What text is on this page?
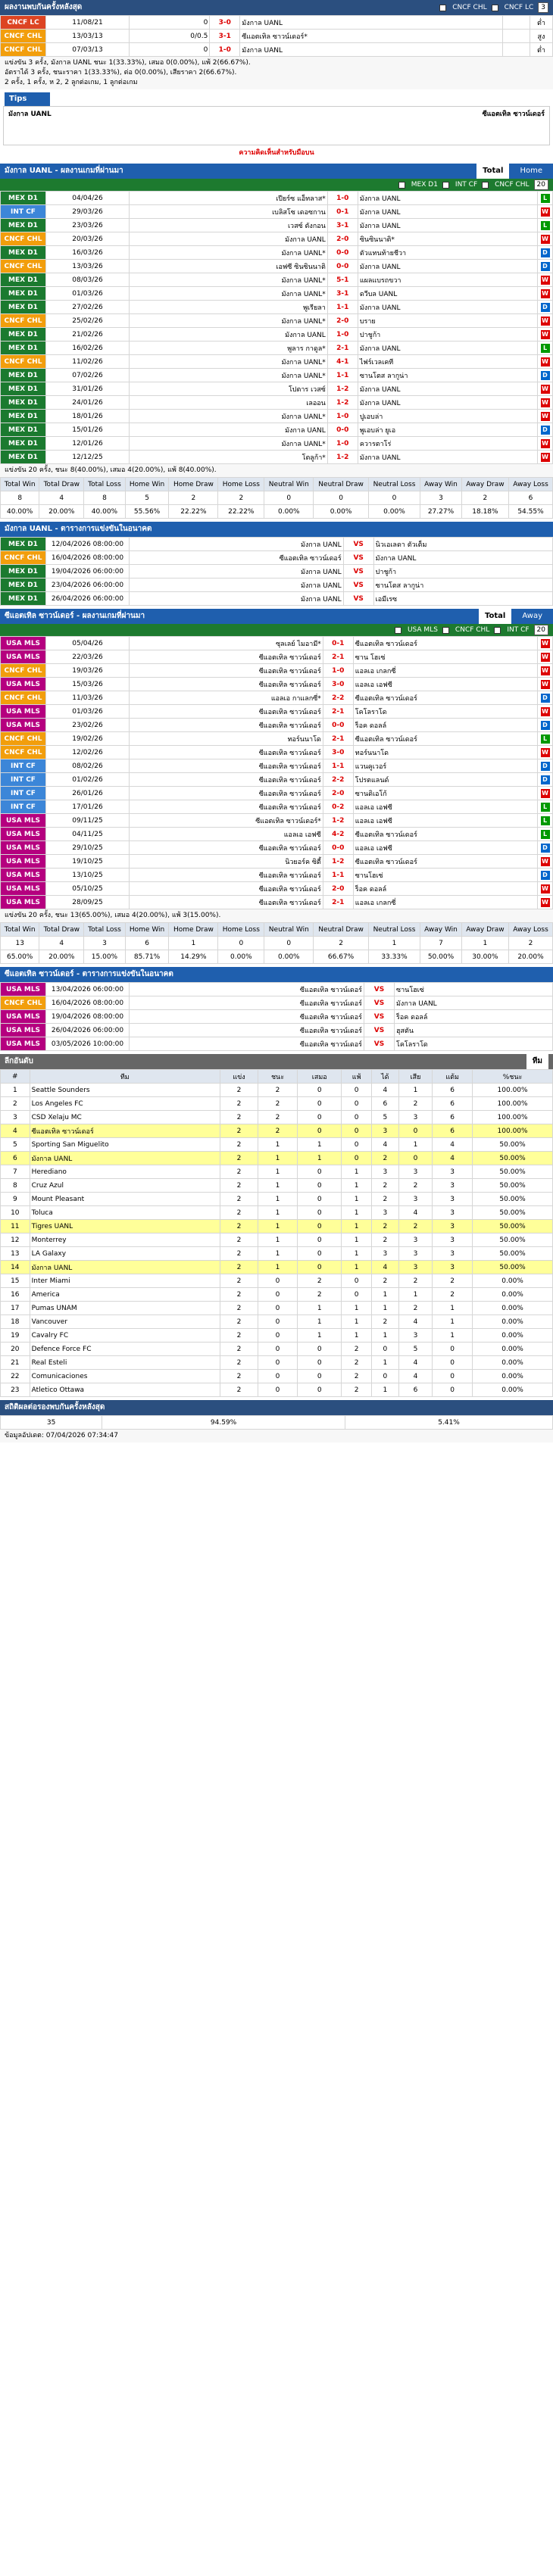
ผลงานพบกันครั้งหลังสุด	CNCF CHL	CNCF LC	3
CNCF LC	11/08/21	0	3-0	มังกาล UANL		ต่ำ
CNCF CHL	13/03/13	0/0.5	3-1	ซีแอตเทิล ซาวน์เดอร์*		สูง
CNCF CHL	07/03/13	0	1-0	มังกาล UANL		ต่ำ
แข่งขัน 3 ครั้ง, มังกาล UANL ชนะ 1(33.33%), เสมอ 0(0.00%), แพ้ 2(66.67%).
อัตราได้ 3 ครั้ง, ชนะราคา 1(33.33%), ต่อ 0(0.00%), เสียราคา 2(66.67%).
2 ครั้ง, 1 ครั้ง, ห 2, 2 ลูกต่อเกม, 1 ลูกต่อเกม
Tips
มังกาล UANL	ซีแอตเทิล ซาวน์เดอร์
ความคิดเห็นสำหรับมือบน
มังกาล UANL - ผลงานเกมที่ผ่านมา	Total	Home
MEX D1	INT CF	CNCF CHL	20
MEX D1	04/04/26	เปียร์ซ แอ็ทลาส*	1-0	มังกาล UANL	L
INT CF	29/03/26	เบลิสโซ เดอซกาน	0-1	มังกาล UANL	W
MEX D1	23/03/26	เวสซ์ ตังกอน	3-1	มังกาล UANL	L
CNCF CHL	20/03/26	มังกาล UANL	2-0	ซินซินนาติ*	W
MEX D1	16/03/26	มังกาล UANL*	0-0	ตัวแทนท้ายชีวา	D
CNCF CHL	13/03/26	เอฟซี ซินซินนาติ	0-0	มังกาล UANL	D
MEX D1	08/03/26	มังกาล UANL*	5-1	แผลแบรถขวา	W
MEX D1	01/03/26	มังกาล UANL*	3-1	ดวีบล UANL	W
MEX D1	27/02/26	พูเรียลา	1-1	มังกาล UANL	D
CNCF CHL	25/02/26	มังกาล UANL*	2-0	บราย	W
MEX D1	21/02/26	มังกาล UANL	1-0	ปาชูก้า	W
MEX D1	16/02/26	พูลาร กาดูล*	2-1	มังกาล UANL	L
CNCF CHL	11/02/26	มังกาล UANL*	4-1	ไฟร์เวลเคที	W
MEX D1	07/02/26	มังกาล UANL*	1-1	ซานโตส ลากูน่า	D
MEX D1	31/01/26	โปตาร เวสซ์	1-2	มังกาล UANL	W
MEX D1	24/01/26	เลออน	1-2	มังกาล UANL	W
MEX D1	18/01/26	มังกาล UANL*	1-0	ปูเอบล่า	W
MEX D1	15/01/26	มังกาล UANL	0-0	พูเอบล่า ยูเอ	D
MEX D1	12/01/26	มังกาล UANL*	1-0	ควารตาโร่	W
MEX D1	12/12/25	โตลูก้า*	1-2	มังกาล UANL	W
แข่งขัน 20 ครั้ง, ชนะ 8(40.00%), เสมอ 4(20.00%), แพ้ 8(40.00%).
Total Win	Total Draw	Total Loss	Home Win	Home Draw	Home Loss	Neutral Win	Neutral Draw	Neutral Loss	Away Win	Away Draw	Away Loss
8	4	8	5	2	2	0	0	0	3	2	6
40.00%	20.00%	40.00%	55.56%	22.22%	22.22%	0.00%	0.00%	0.00%	27.27%	18.18%	54.55%
มังกาล UANL - ตารางการแข่งขันในอนาคต
MEX D1	12/04/2026 08:00:00	มังกาล UANL	VS	นิวเอเลดา ตัวเต็ม
CNCF CHL	16/04/2026 08:00:00	ซีแอตเทิล ซาวน์เดอร์	VS	มังกาล UANL
MEX D1	19/04/2026 06:00:00	มังกาล UANL	VS	ปาชูก้า
MEX D1	23/04/2026 06:00:00	มังกาล UANL	VS	ซานโตส ลากูน่า
MEX D1	26/04/2026 06:00:00	มังกาล UANL	VS	เอมีเรซ
ซีแอตเทิล ซาวน์เดอร์ - ผลงานเกมที่ผ่านมา	Total	Away
USA MLS	CNCF CHL	INT CF	20
USA MLS	05/04/26	ซุลเลย์ ไมอามี*	0-1	ซีแอตเทิล ซาวน์เดอร์	W
USA MLS	22/03/26	ซีแอตเทิล ซาวน์เดอร์	2-1	ซาน โฮเซ่	W
CNCF CHL	19/03/26	ซีแอตเทิล ซาวน์เดอร์	1-0	แอลเอ เกลกซี่	W
USA MLS	15/03/26	ซีแอตเทิล ซาวน์เดอร์	3-0	แอลเอ เอฟซี	W
CNCF CHL	11/03/26	แอลเอ กาแลกซี่*	2-2	ซีแอตเทิล ซาวน์เดอร์	D
USA MLS	01/03/26	ซีแอตเทิล ซาวน์เดอร์	2-1	โคโลราโด	W
USA MLS	23/02/26	ซีแอตเทิล ซาวน์เดอร์	0-0	ร็อค ดอลล์	D
CNCF CHL	19/02/26	ทอร์นนาโด	2-1	ซีแอตเทิล ซาวน์เดอร์	L
CNCF CHL	12/02/26	ซีแอตเทิล ซาวน์เดอร์	3-0	ทอร์นนาโด	W
INT CF	08/02/26	ซีแอตเทิล ซาวน์เดอร์	1-1	แวนคูเวอร์	D
INT CF	01/02/26	ซีแอตเทิล ซาวน์เดอร์	2-2	โปรตแลนด์	D
INT CF	26/01/26	ซีแอตเทิล ซาวน์เดอร์	2-0	ซานดิเอโก้	W
INT CF	17/01/26	ซีแอตเทิล ซาวน์เดอร์	0-2	แอลเอ เอฟซี	L
USA MLS	09/11/25	ซีแอตเทิล ซาวน์เดอร์*	1-2	แอลเอ เอฟซี	L
USA MLS	04/11/25	แอลเอ เอฟซี	4-2	ซีแอตเทิล ซาวน์เดอร์	L
USA MLS	29/10/25	ซีแอตเทิล ซาวน์เดอร์	0-0	แอลเอ เอฟซี	D
USA MLS	19/10/25	นิวยอร์ค ซิตี้	1-2	ซีแอตเทิล ซาวน์เดอร์	W
USA MLS	13/10/25	ซีแอตเทิล ซาวน์เดอร์	1-1	ซานโฮเซ่	D
USA MLS	05/10/25	ซีแอตเทิล ซาวน์เดอร์	2-0	ร็อค ดอลล์	W
USA MLS	28/09/25	ซีแอตเทิล ซาวน์เดอร์	2-1	แอลเอ เกลกซี่	W
แข่งขัน 20 ครั้ง, ชนะ 13(65.00%), เสมอ 4(20.00%), แพ้ 3(15.00%).
Total Win	Total Draw	Total Loss	Home Win	Home Draw	Home Loss	Neutral Win	Neutral Draw	Neutral Loss	Away Win	Away Draw	Away Loss
13	4	3	6	1	0	0	2	1	7	1	2
65.00%	20.00%	15.00%	85.71%	14.29%	0.00%	0.00%	66.67%	33.33%	50.00%	30.00%	20.00%
ซีแอตเทิล ซาวน์เดอร์ - ตารางการแข่งขันในอนาคต
USA MLS	13/04/2026 06:00:00	ซีแอตเทิล ซาวน์เดอร์	VS	ซานโฮเซ่
CNCF CHL	16/04/2026 08:00:00	ซีแอตเทิล ซาวน์เดอร์	VS	มังกาล UANL
USA MLS	19/04/2026 08:00:00	ซีแอตเทิล ซาวน์เดอร์	VS	ร็อค ดอลล์
USA MLS	26/04/2026 06:00:00	ซีแอตเทิล ซาวน์เดอร์	VS	ฮุสตัน
USA MLS	03/05/2026 10:00:00	ซีแอตเทิล ซาวน์เดอร์	VS	โคโลราโด
ลีกอันดับ	ทีม
#	ทีม	แข่ง	ชนะ	เสมอ	แพ้	ได้	เสีย	แต้ม	%ชนะ
1	Seattle Sounders	2	2	0	0	4	1	6	100.00%
2	Los Angeles FC	2	2	0	0	6	2	6	100.00%
3	CSD Xelaju MC	2	2	0	0	5	3	6	100.00%
4	ซีแอตเทิล ซาวน์เดอร์	2	2	0	0	3	0	6	100.00%
5	Sporting San Miguelito	2	1	1	0	4	1	4	50.00%
6	มังกาล UANL	2	1	1	0	2	0	4	50.00%
7	Herediano	2	1	0	1	3	3	3	50.00%
8	Cruz Azul	2	1	0	1	2	2	3	50.00%
9	Mount Pleasant	2	1	0	1	2	3	3	50.00%
10	Toluca	2	1	0	1	3	4	3	50.00%
11	Tigres UANL	2	1	0	1	2	2	3	50.00%
12	Monterrey	2	1	0	1	2	3	3	50.00%
13	LA Galaxy	2	1	0	1	3	3	3	50.00%
14	มังกาล UANL	2	1	0	1	4	3	3	50.00%
15	Inter Miami	2	0	2	0	2	2	2	0.00%
16	America	2	0	2	0	1	1	2	0.00%
17	Pumas UNAM	2	0	1	1	1	2	1	0.00%
18	Vancouver	2	0	1	1	2	4	1	0.00%
19	Cavalry FC	2	0	1	1	1	3	1	0.00%
20	Defence Force FC	2	0	0	2	0	5	0	0.00%
21	Real Esteli	2	0	0	2	1	4	0	0.00%
22	Comunicaciones	2	0	0	2	0	4	0	0.00%
23	Atletico Ottawa	2	0	0	2	1	6	0	0.00%
สถิติผลต่อรองพบกันครั้งหลังสุด
35	94.59%	5.41%
ข้อมูลอัปเดต: 07/04/2026 07:34:47
